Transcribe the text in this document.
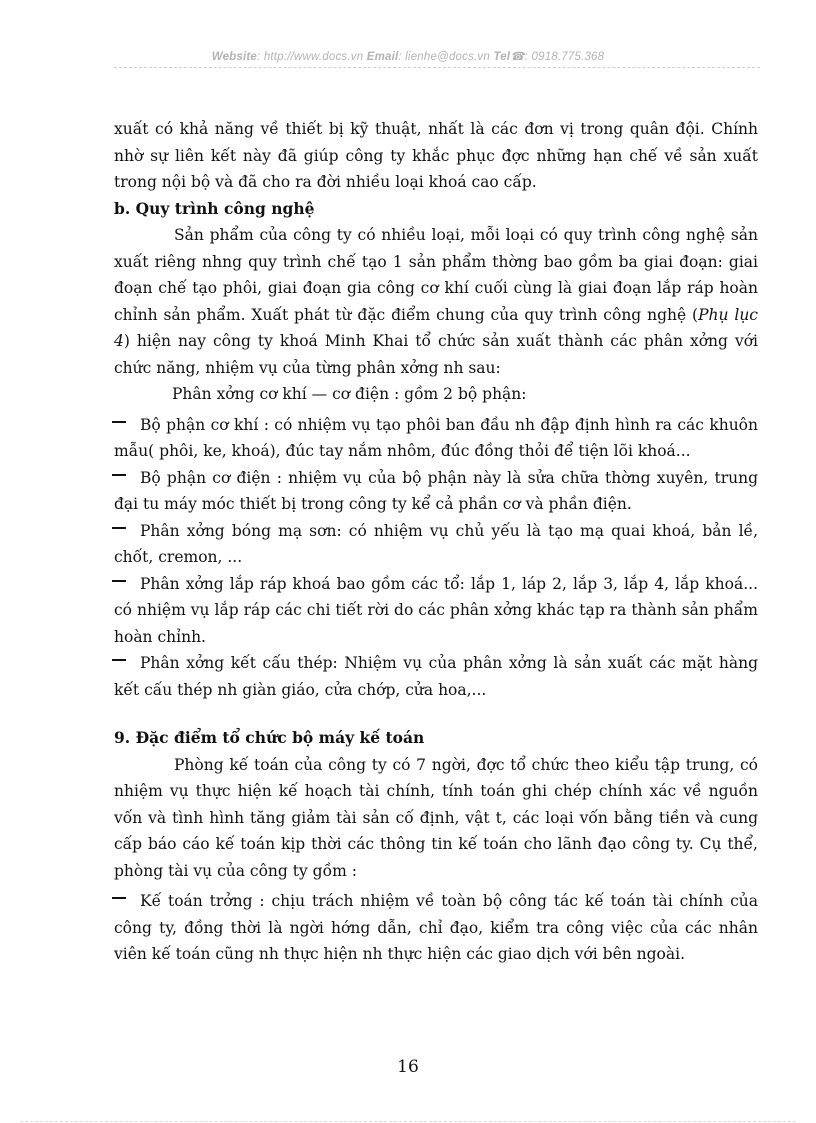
Website: http://www.docs.vn Email: lienhe@docs.vn Tel☎: 0918.775.368

xuất có khả năng về thiết bị kỹ thuật, nhất là các đơn vị trong quân đội. Chính nhờ sự liên kết này đã giúp công ty khắc phục đợc những hạn chế về sản xuất trong nội bộ và đã cho ra đời nhiều loại khoá cao cấp.

b. Quy trình công nghệ

Sản phẩm của công ty có nhiều loại, mỗi loại có quy trình công nghệ sản xuất riêng nhng quy trình chế tạo 1 sản phẩm thờng bao gồm ba giai đoạn: giai đoạn chế tạo phôi, giai đoạn gia công cơ khí cuối cùng là giai đoạn lắp ráp hoàn chỉnh sản phẩm. Xuất phát từ đặc điểm chung của quy trình công nghệ (Phụ lục 4) hiện nay công ty khoá Minh Khai tổ chức sản xuất thành các phân xởng với chức năng, nhiệm vụ của từng phân xởng nh sau:

Phân xởng cơ khí — cơ điện : gồm 2 bộ phận:

Bộ phận cơ khí : có nhiệm vụ tạo phôi ban đầu nh đập định hình ra các khuôn mẫu( phôi, ke, khoá), đúc tay nắm nhôm, đúc đồng thỏi để tiện lõi khoá...

Bộ phận cơ điện : nhiệm vụ của bộ phận này là sửa chữa thờng xuyên, trung đại tu máy móc thiết bị trong công ty kể cả phần cơ và phần điện.

Phân xởng bóng mạ sơn: có nhiệm vụ chủ yếu là tạo mạ quai khoá, bản lề, chốt, cremon, ...

Phân xởng lắp ráp khoá bao gồm các tổ: lắp 1, láp 2, lắp 3, lắp 4, lắp khoá... có nhiệm vụ lắp ráp các chi tiết rời do các phân xởng khác tạp ra thành sản phẩm hoàn chỉnh.

Phân xởng kết cấu thép: Nhiệm vụ của phân xởng là sản xuất các mặt hàng kết cấu thép nh giàn giáo, cửa chớp, cửa hoa,...

9. Đặc điểm tổ chức bộ máy kế toán

Phòng kế toán của công ty có 7 ngời, đợc tổ chức theo kiểu tập trung, có nhiệm vụ thực hiện kế hoạch tài chính, tính toán ghi chép chính xác về nguồn vốn và tình hình tăng giảm tài sản cố định, vật t, các loại vốn bằng tiền và cung cấp báo cáo kế toán kịp thời các thông tin kế toán cho lãnh đạo công ty. Cụ thể, phòng tài vụ của công ty gồm :

Kế toán trởng : chịu trách nhiệm về toàn bộ công tác kế toán tài chính của công ty, đồng thời là ngời hớng dẫn, chỉ đạo, kiểm tra công việc của các nhân viên kế toán cũng nh thực hiện nh thực hiện các giao dịch với bên ngoài.

16
